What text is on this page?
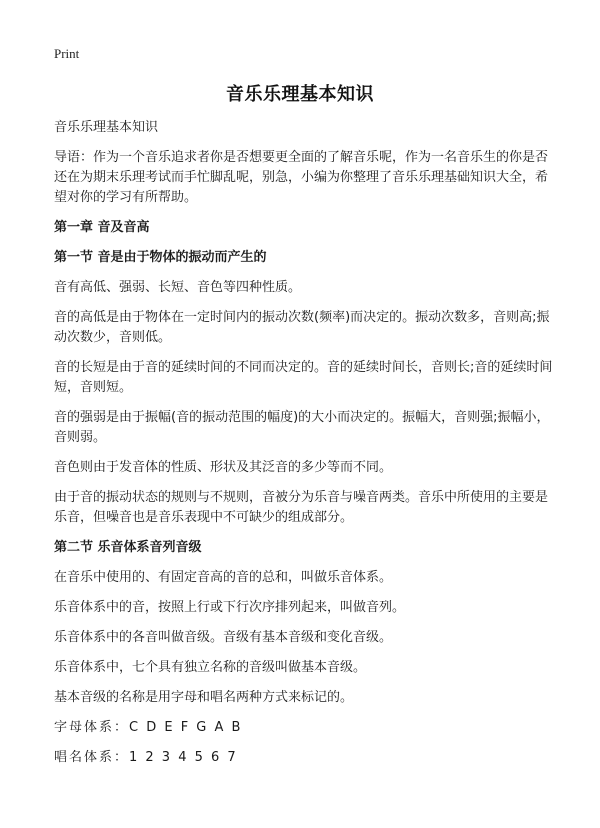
Print
音乐乐理基本知识

音乐乐理基本知识

导语：作为一个音乐追求者你是否想要更全面的了解音乐呢，作为一名音乐生的你是否还在为期末乐理考试而手忙脚乱呢，别急，小编为你整理了音乐乐理基础知识大全，希望对你的学习有所帮助。

第一章 音及音高

第一节 音是由于物体的振动而产生的

音有高低、强弱、长短、音色等四种性质。

音的高低是由于物体在一定时间内的振动次数(频率)而决定的。振动次数多，音则高;振动次数少，音则低。

音的长短是由于音的延续时间的不同而决定的。音的延续时间长，音则长;音的延续时间短，音则短。

音的强弱是由于振幅(音的振动范围的幅度)的大小而决定的。振幅大，音则强;振幅小，音则弱。

音色则由于发音体的性质、形状及其泛音的多少等而不同。

由于音的振动状态的规则与不规则，音被分为乐音与噪音两类。音乐中所使用的主要是乐音，但噪音也是音乐表现中不可缺少的组成部分。

第二节 乐音体系音列音级

在音乐中使用的、有固定音高的音的总和，叫做乐音体系。

乐音体系中的音，按照上行或下行次序排列起来，叫做音列。

乐音体系中的各音叫做音级。音级有基本音级和变化音级。

乐音体系中，七个具有独立名称的音级叫做基本音级。

基本音级的名称是用字母和唱名两种方式来标记的。

字母体系：C D E F G A B

唱名体系：1 2 3 4 5 6 7
